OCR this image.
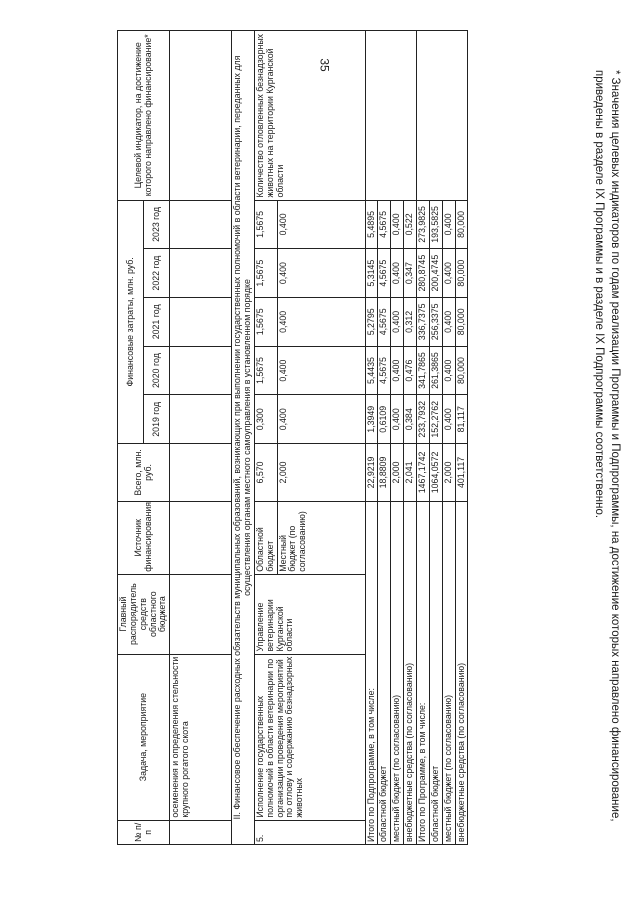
35
№ п/п	Задача, мероприятие	Главный распорядитель средств областного бюджета	Источник финансирования	Всего, млн. руб.	Финансовые затраты, млн. руб.					Целевой индикатор, на достижение которого направлено финансирование*
					2019 год	2020 год	2021 год	2022 год	2023 год	
	осеменения и определения стельности крупного рогатого скота									
II. Финансовое обеспечение расходных обязательств муниципальных образований, возникающих при выполнении государственных полномочий в области ветеринарии, переданных для осуществления органам местного самоуправления в установленном порядке										
5.	Исполнение государственных полномочий в области ветеринарии по организации проведения мероприятий по отлову и содержанию безнадзорных животных	Управление ветеринарии Курганской области	Областной бюджет	6,570	0,300	1,5675	1,5675	1,5675	1,5675	Количество отловленных безнадзорных животных на территории Курганской области
			Местный бюджет (по согласованию)	2,000	0,400	0,400	0,400	0,400	0,400	
Итого по Подпрограмме, в том числе:				22,9219	1,3949	5,4435	5,2795	5,3145	5,4895	
областной бюджет				18,8809	0,6109	4,5675	4,5675	4,5675	4,5675	
местный бюджет (по согласованию)				2,000	0,400	0,400	0,400	0,400	0,400	
внебюджетные средства (по согласованию)				2,041	0,384	0,476	0,312	0,347	0,522	
Итого по Программе, в том числе:				1467,1742	233,7932	341,7865	336,7375	280,8745	273,9825	
областной бюджет				1064,0572	152,2762	261,3865	256,3375	200,4745	193,5825	
местный бюджет (по согласованию)				2,000	0,400	0,400	0,400	0,400	0,400	
внебюджетные средства (по согласованию)				401,117	81,117	80,000	80,000	80,000	80,000		* Значения целевых индикаторов по годам реализации Программы и Подпрограммы, на достижение которых направлено финансирование, приведены в разделе IX Программы и в разделе IX Подпрограммы соответственно.
